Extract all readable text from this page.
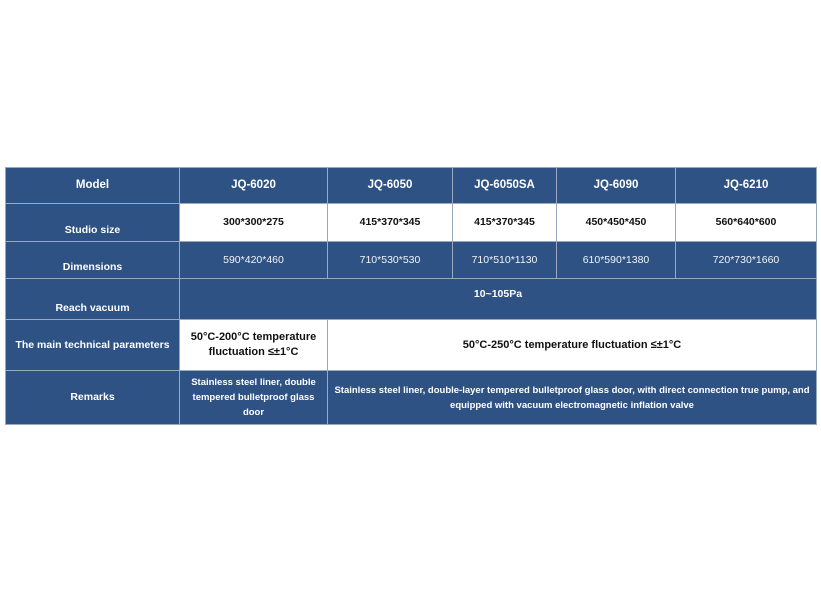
Model	JQ-6020	JQ-6050	JQ-6050SA	JQ-6090	JQ-6210
Studio size	300*300*275	415*370*345	415*370*345	450*450*450	560*640*600
Dimensions	590*420*460	710*530*530	710*510*1130	610*590*1380	720*730*1660
Reach vacuum	10~105Pa				
The main technical parameters	50°C-200°C temperature fluctuation ≤±1°C	50°C-250°C temperature fluctuation ≤±1°C			
Remarks	Stainless steel liner, double tempered bulletproof glass door	Stainless steel liner, double-layer tempered bulletproof glass door, with direct connection true pump, and equipped with vacuum electromagnetic inflation valve			
